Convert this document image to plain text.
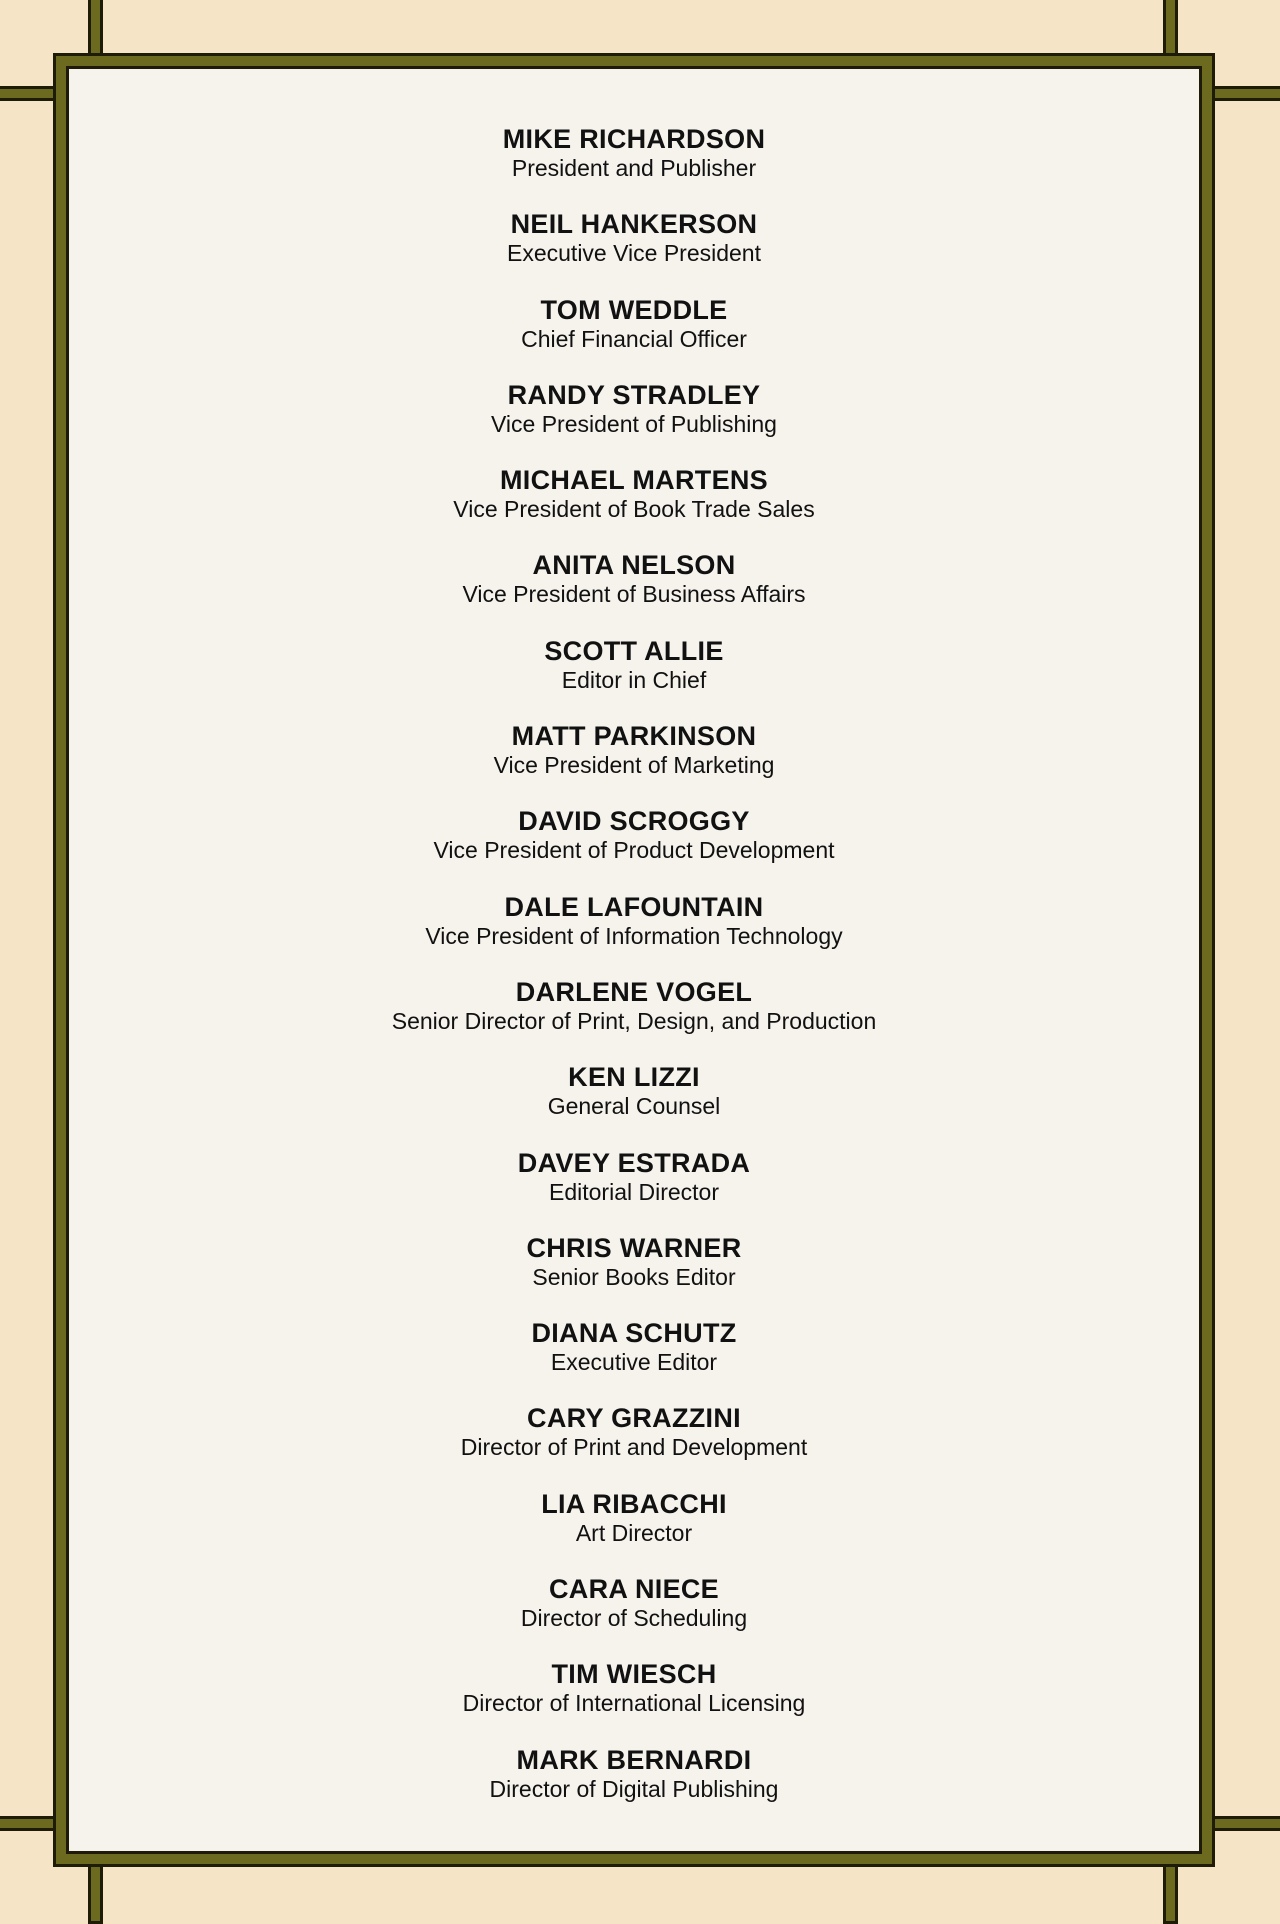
MIKE RICHARDSON
President and Publisher
NEIL HANKERSON
Executive Vice President
TOM WEDDLE
Chief Financial Officer
RANDY STRADLEY
Vice President of Publishing
MICHAEL MARTENS
Vice President of Book Trade Sales
ANITA NELSON
Vice President of Business Affairs
SCOTT ALLIE
Editor in Chief
MATT PARKINSON
Vice President of Marketing
DAVID SCROGGY
Vice President of Product Development
DALE LAFOUNTAIN
Vice President of Information Technology
DARLENE VOGEL
Senior Director of Print, Design, and Production
KEN LIZZI
General Counsel
DAVEY ESTRADA
Editorial Director
CHRIS WARNER
Senior Books Editor
DIANA SCHUTZ
Executive Editor
CARY GRAZZINI
Director of Print and Development
LIA RIBACCHI
Art Director
CARA NIECE
Director of Scheduling
TIM WIESCH
Director of International Licensing
MARK BERNARDI
Director of Digital Publishing
